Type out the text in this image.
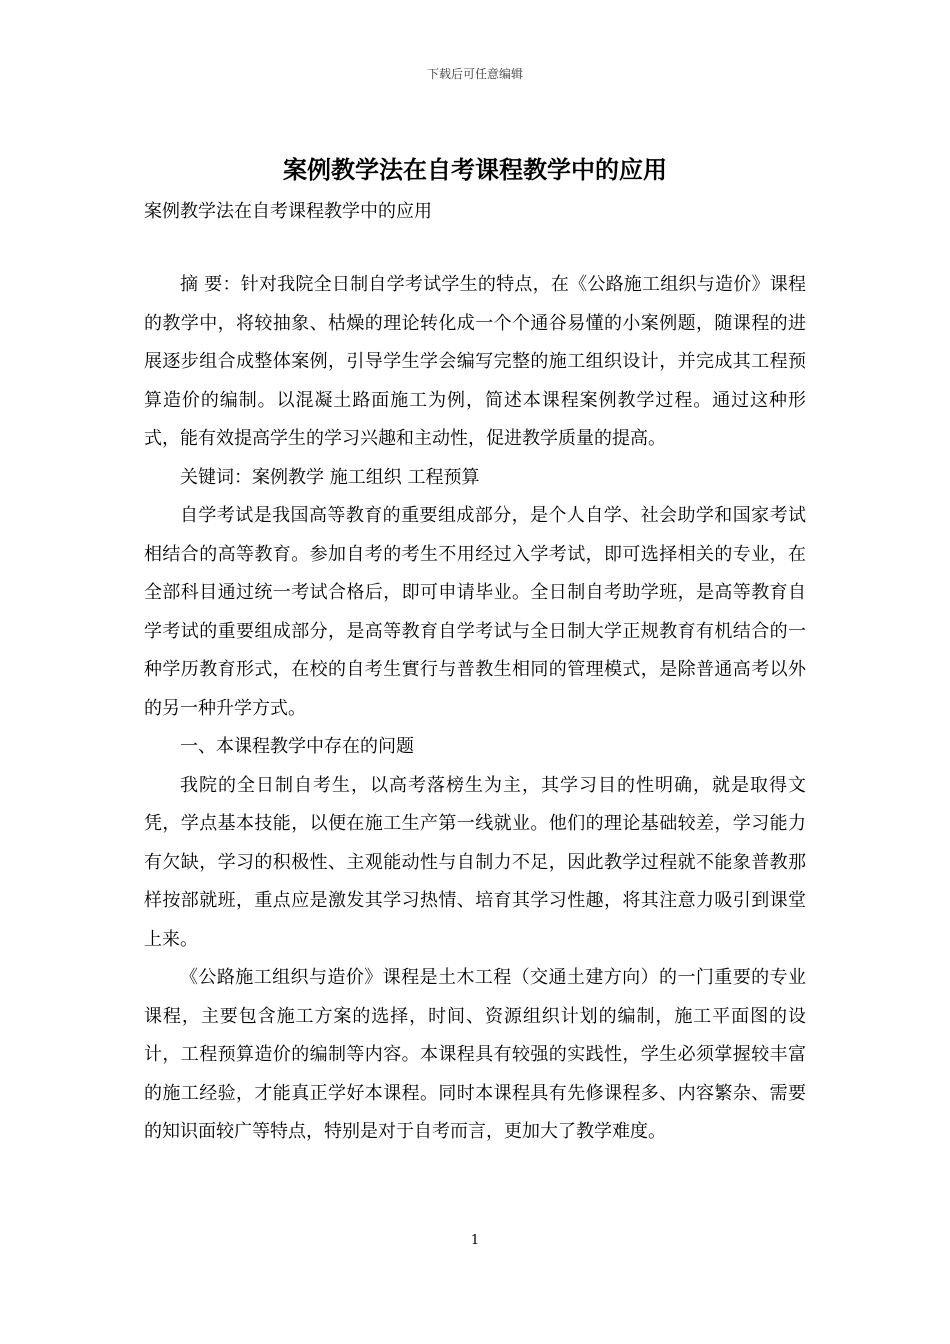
下载后可任意编辑
案例教学法在自考课程教学中的应用

案例教学法在自考课程教学中的应用

摘 要：针对我院全日制自学考试学生的特点，在《公路施工组织与造价》课程的教学中，将较抽象、枯燥的理论转化成一个个通谷易懂的小案例题，随课程的进展逐步组合成整体案例，引导学生学会编写完整的施工组织设计，并完成其工程预算造价的编制。以混凝土路面施工为例，简述本课程案例教学过程。通过这种形式，能有效提高学生的学习兴趣和主动性，促进教学质量的提高。

关键词：案例教学 施工组织 工程预算

自学考试是我国高等教育的重要组成部分，是个人自学、社会助学和国家考试相结合的高等教育。参加自考的考生不用经过入学考试，即可选择相关的专业，在全部科目通过统一考试合格后，即可申请毕业。全日制自考助学班，是高等教育自学考试的重要组成部分，是高等教育自学考试与全日制大学正规教育有机结合的一种学历教育形式，在校的自考生實行与普教生相同的管理模式，是除普通高考以外的另一种升学方式。

一、本课程教学中存在的问题

我院的全日制自考生，以高考落榜生为主，其学习目的性明确，就是取得文凭，学点基本技能，以便在施工生产第一线就业。他们的理论基础较差，学习能力有欠缺，学习的积极性、主观能动性与自制力不足，因此教学过程就不能象普教那样按部就班，重点应是激发其学习热情、培育其学习性趣，将其注意力吸引到课堂上来。

《公路施工组织与造价》课程是土木工程（交通土建方向）的一门重要的专业课程，主要包含施工方案的选择，时间、资源组织计划的编制，施工平面图的设计，工程预算造价的编制等内容。本课程具有较强的实践性，学生必须掌握较丰富的施工经验，才能真正学好本课程。同时本课程具有先修课程多、内容繁杂、需要的知识面较广等特点，特别是对于自考而言，更加大了教学难度。

1
